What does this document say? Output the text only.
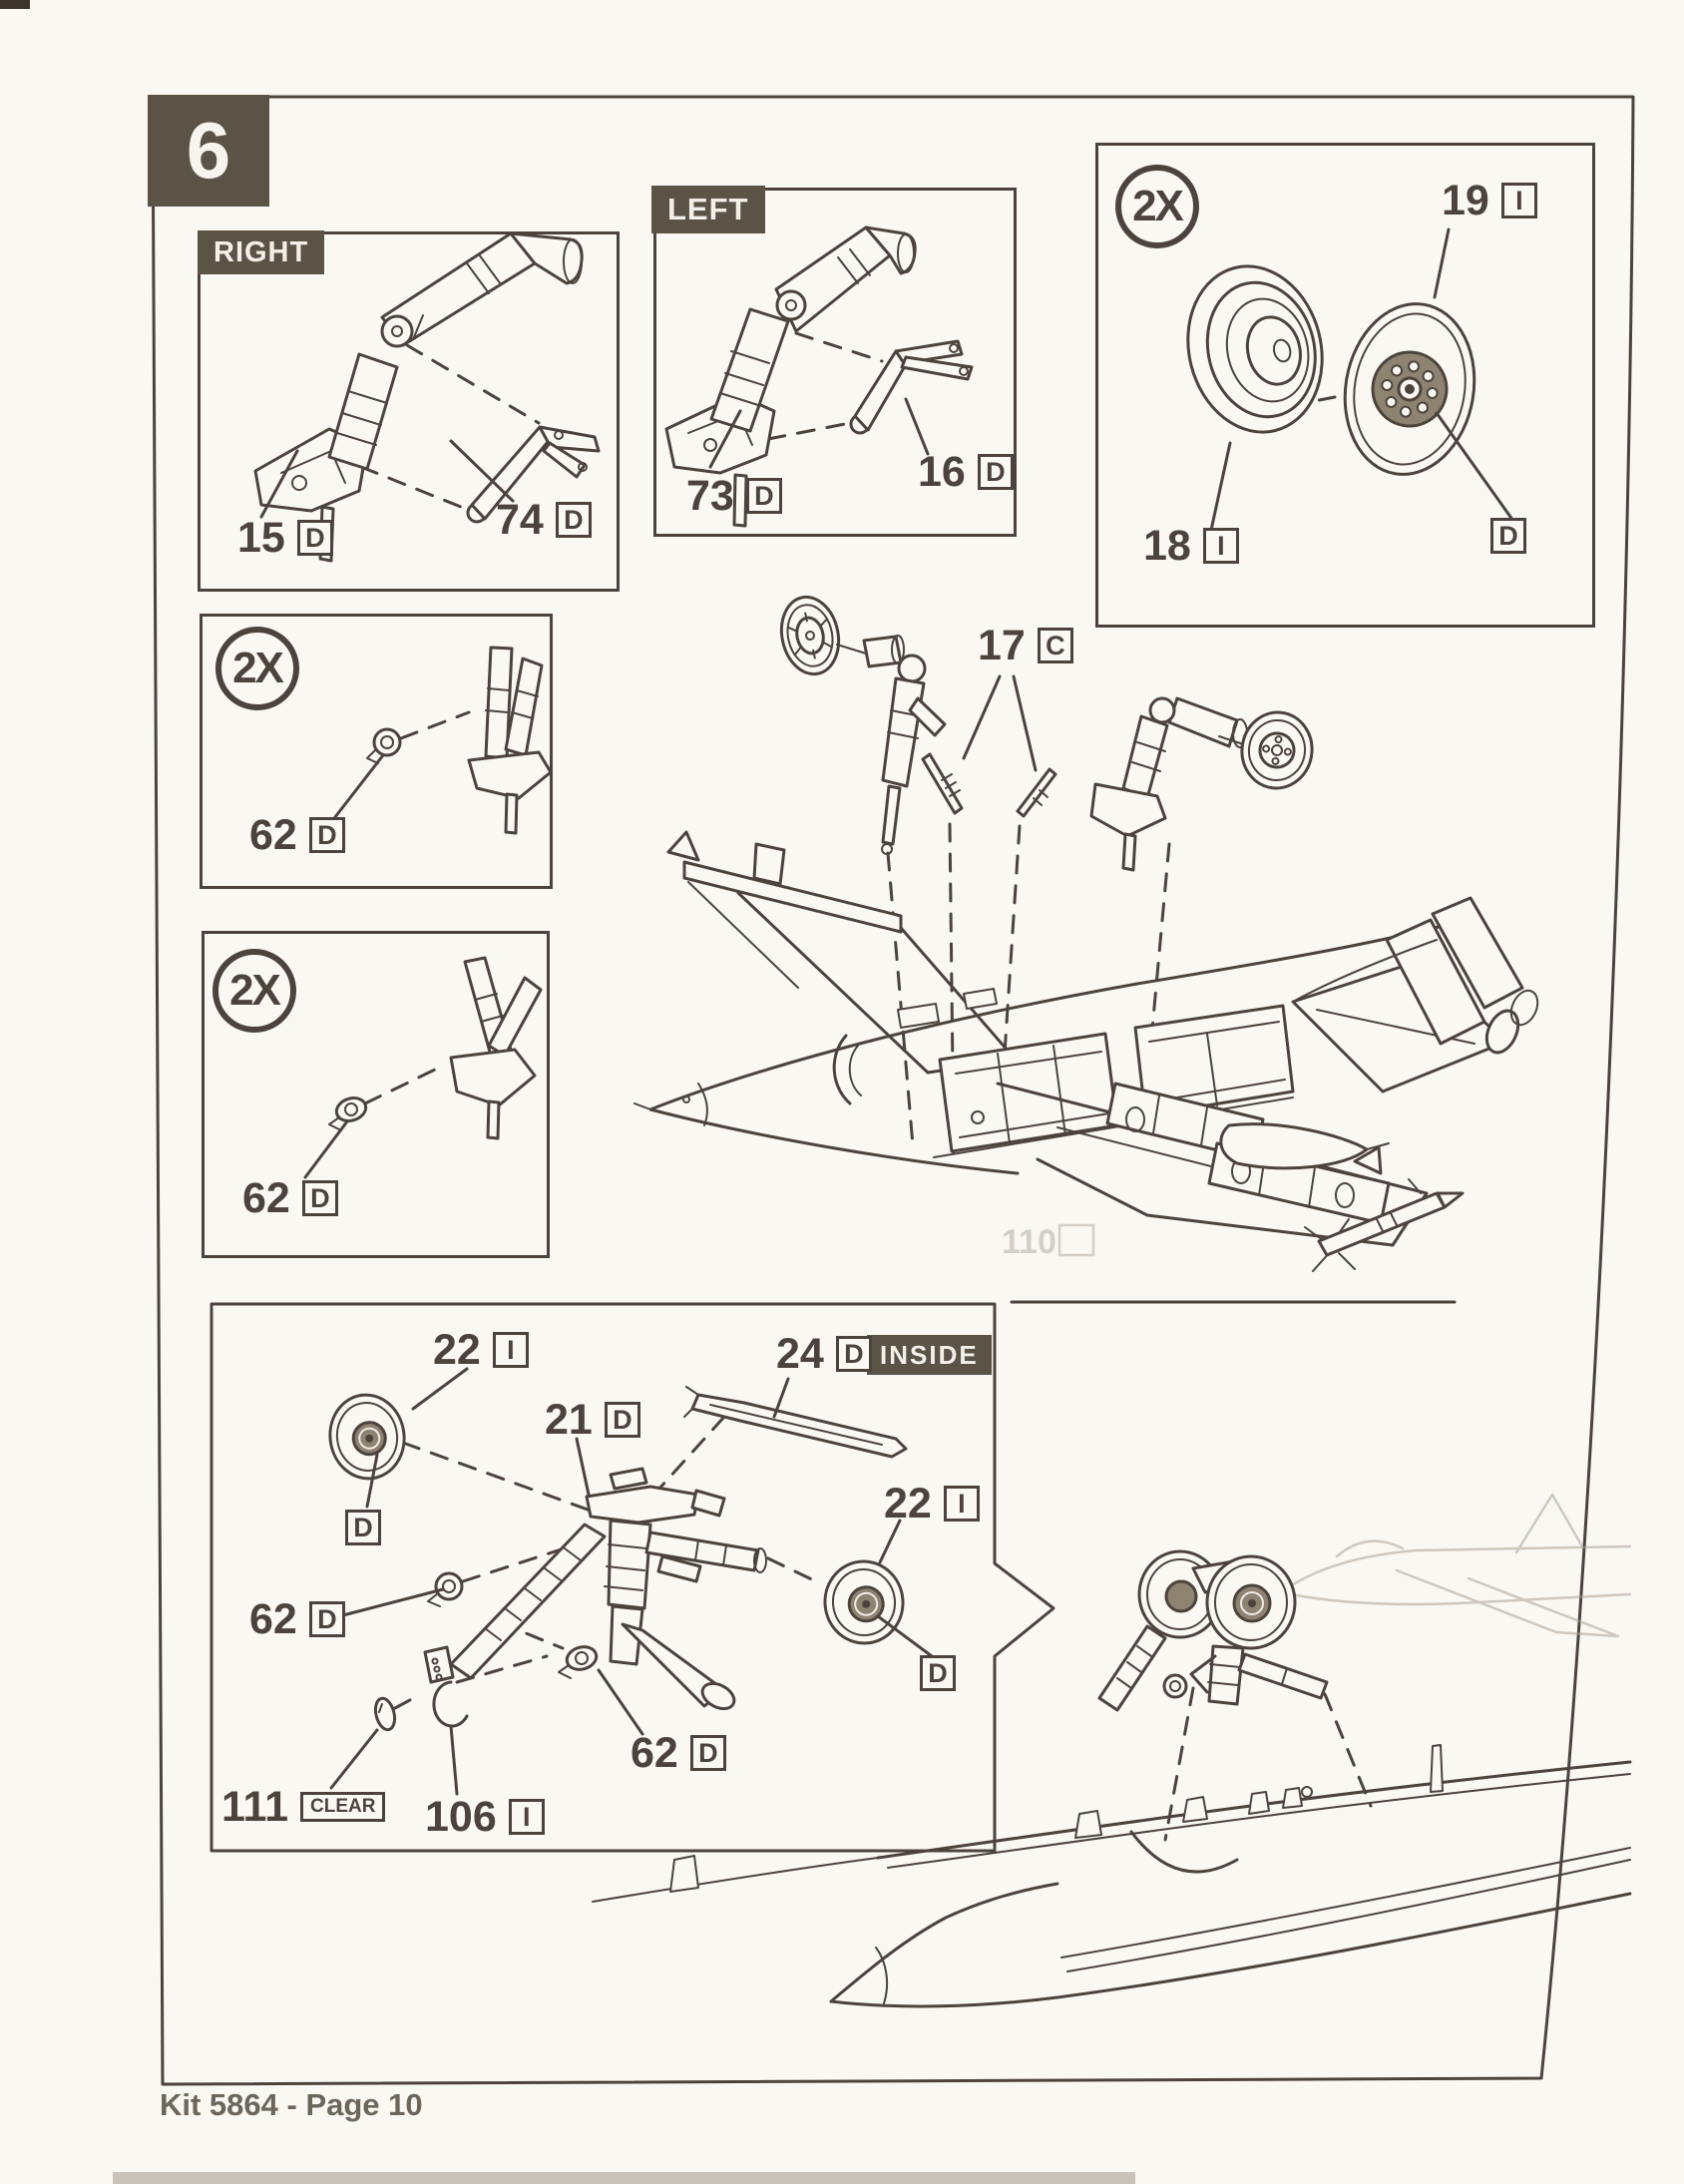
110
6
RIGHT
LEFT
INSIDE
2X
2X
2X
15 D	74 D 73 D	16 D
19 I
18 I	D
62 D
62 D
17 C
22 I
21 D
D
24 D
22 I
D
62 D
62 D
111	CLEAR 106 I
Kit 5864 - Page 10
